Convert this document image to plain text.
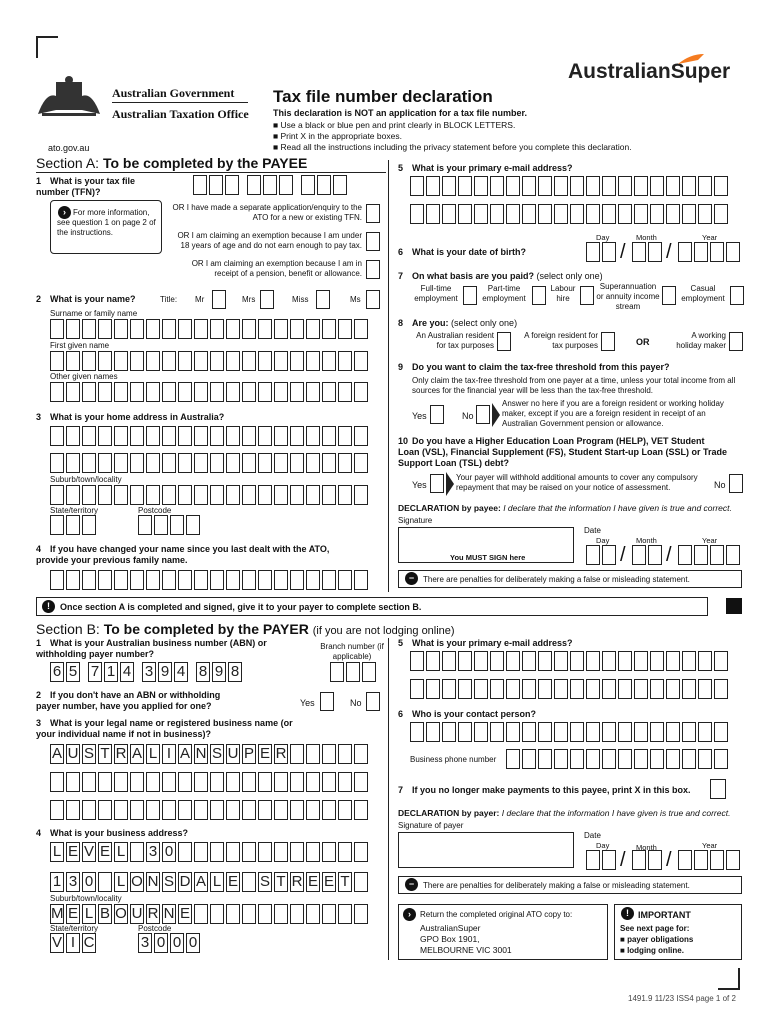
Australian Government
Australian Taxation Office
ato.gov.au
Tax file number declaration
This declaration is NOT an application for a tax file number.
■ Use a black or blue pen and print clearly in BLOCK LETTERS.
■ Print X in the appropriate boxes.
■ Read all the instructions including the privacy statement before you complete this declaration.
AustralianSuper
Section A: To be completed by the PAYEE
1 What is your tax file number (TFN)?
› For more information, see question 1 on page 2 of the instructions.
OR I have made a separate application/enquiry to the ATO for a new or existing TFN.
OR I am claiming an exemption because I am under 18 years of age and do not earn enough to pay tax.
OR I am claiming an exemption because I am in receipt of a pension, benefit or allowance.
2 What is your name?	Title: Mr	Mrs	Miss	Ms
Surname or family name
First given name
Other given names
3 What is your home address in Australia?
Suburb/town/locality
State/territory	Postcode
4 If you have changed your name since you last dealt with the ATO, provide your previous family name.
5 What is your primary e-mail address?
Day	Month	Year
6 What is your date of birth?	/ /
7 On what basis are you paid? (select only one)
Full-time employment
Part-time employment
Labour hire
Superannuation or annuity income stream
Casual employment
8 Are you: (select only one)
An Australian resident for tax purposes
A foreign resident for tax purposes	OR
A working holiday maker
9 Do you want to claim the tax-free threshold from this payer?
Only claim the tax-free threshold from one payer at a time, unless your total income from all sources for the financial year will be less than the tax-free threshold.
Yes	No
Answer no here if you are a foreign resident or working holiday maker, except if you are a foreign resident in receipt of an Australian Government pension or allowance.
10 Do you have a Higher Education Loan Program (HELP), VET Student Loan (VSL), Financial Supplement (FS), Student Start-up Loan (SSL) or Trade Support Loan (TSL) debt?
Yes
Your payer will withhold additional amounts to cover any compulsory repayment that may be raised on your notice of assessment.	No
DECLARATION by payee: I declare that the information I have given is true and correct.
Signature
You MUST SIGN here
Date
Day	Month	Year
/ /
−	There are penalties for deliberately making a false or misleading statement.
!	Once section A is completed and signed, give it to your payer to complete section B.
Section B: To be completed by the PAYER (if you are not lodging online)
1 What is your Australian business number (ABN) or withholding payer number?
Branch number (if applicable)
6 5 7 1 4 3 9 4 8 9 8
2 If you don't have an ABN or withholding payer number, have you applied for one?	Yes	No
3 What is your legal name or registered business name (or your individual name if not in business)?
A U S T R A L I A N S U P E R
4 What is your business address?
L E V E L 3 0
1 3 0 L O N S D A L E S T R E E T
Suburb/town/locality
M E L B O U R N E
State/territory	Postcode
V I C	3 0 0 0
5 What is your primary e-mail address?
6 Who is your contact person?
Business phone number
7 If you no longer make payments to this payee, print X in this box.
DECLARATION by payer: I declare that the information I have given is true and correct.
Signature of payer
Date
Day	Month	Year
/ /
−	There are penalties for deliberately making a false or misleading statement.
›	Return the completed original ATO copy to:
AustralianSuper
GPO Box 1901,
MELBOURNE VIC 3001
!	IMPORTANT
See next page for:
■ payer obligations
■ lodging online.
1491.9 11/23 ISS4 page 1 of 2
